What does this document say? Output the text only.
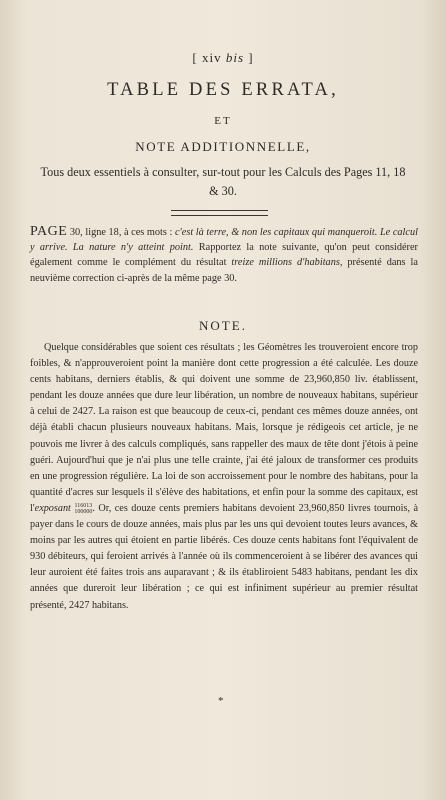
[ xiv bis ]
TABLE DES ERRATA,
ET
NOTE ADDITIONNELLE,
Tous deux essentiels à consulter, sur-tout pour les Calculs des Pages 11, 18 & 30.
PAGE 30, ligne 18, à ces mots : c'est là terre, & non les capitaux qui manqueroit. Le calcul y arrive. La nature n'y atteint point. Rapportez la note suivante, qu'on peut considérer également comme le complément du résultat treize millions d'habitans, présenté dans la neuvième correction ci-après de la même page 30.
NOTE.
Quelque considérables que soient ces résultats ; les Géomètres les trouveroient encore trop foibles, & n'approuveroient point la manière dont cette progression a été calculée. Les douze cents habitans, derniers établis, & qui doivent une somme de 23,960,850 liv. établissent, pendant les douze années que dure leur libération, un nombre de nouveaux habitans, supérieur à celui de 2427. La raison est que beaucoup de ceux-ci, pendant ces mêmes douze années, ont déjà établi chacun plusieurs nouveaux habitans. Mais, lorsque je rédigeois cet article, je ne pouvois me livrer à des calculs compliqués, sans rappeller des maux de tête dont j'étois à peine guéri. Aujourd'hui que je n'ai plus une telle crainte, j'ai été jaloux de transformer ces produits en une progression régulière. La loi de son accroissement pour le nombre des habitans, pour la quantité d'acres sur lesquels il s'élève des habitations, et enfin pour la somme des capitaux, est l'exposant 116013
100000 . Or, ces douze cents premiers habitans devoient 23,960,850 livres tournois, à payer dans le cours de douze années, mais plus par les uns qui devoient toutes leurs avances, & moins par les autres qui étoient en partie libérés. Ces douze cents habitans font l'équivalent de 930 débiteurs, qui feroient arrivés à l'année où ils commenceroient à se libérer des avances qui leur auroient été faites trois ans auparavant ; & ils établiroient 5483 habitans, pendant les dix années que dureroit leur libération ; ce qui est infiniment supérieur au premier résultat présenté, 2427 habitans.
*
